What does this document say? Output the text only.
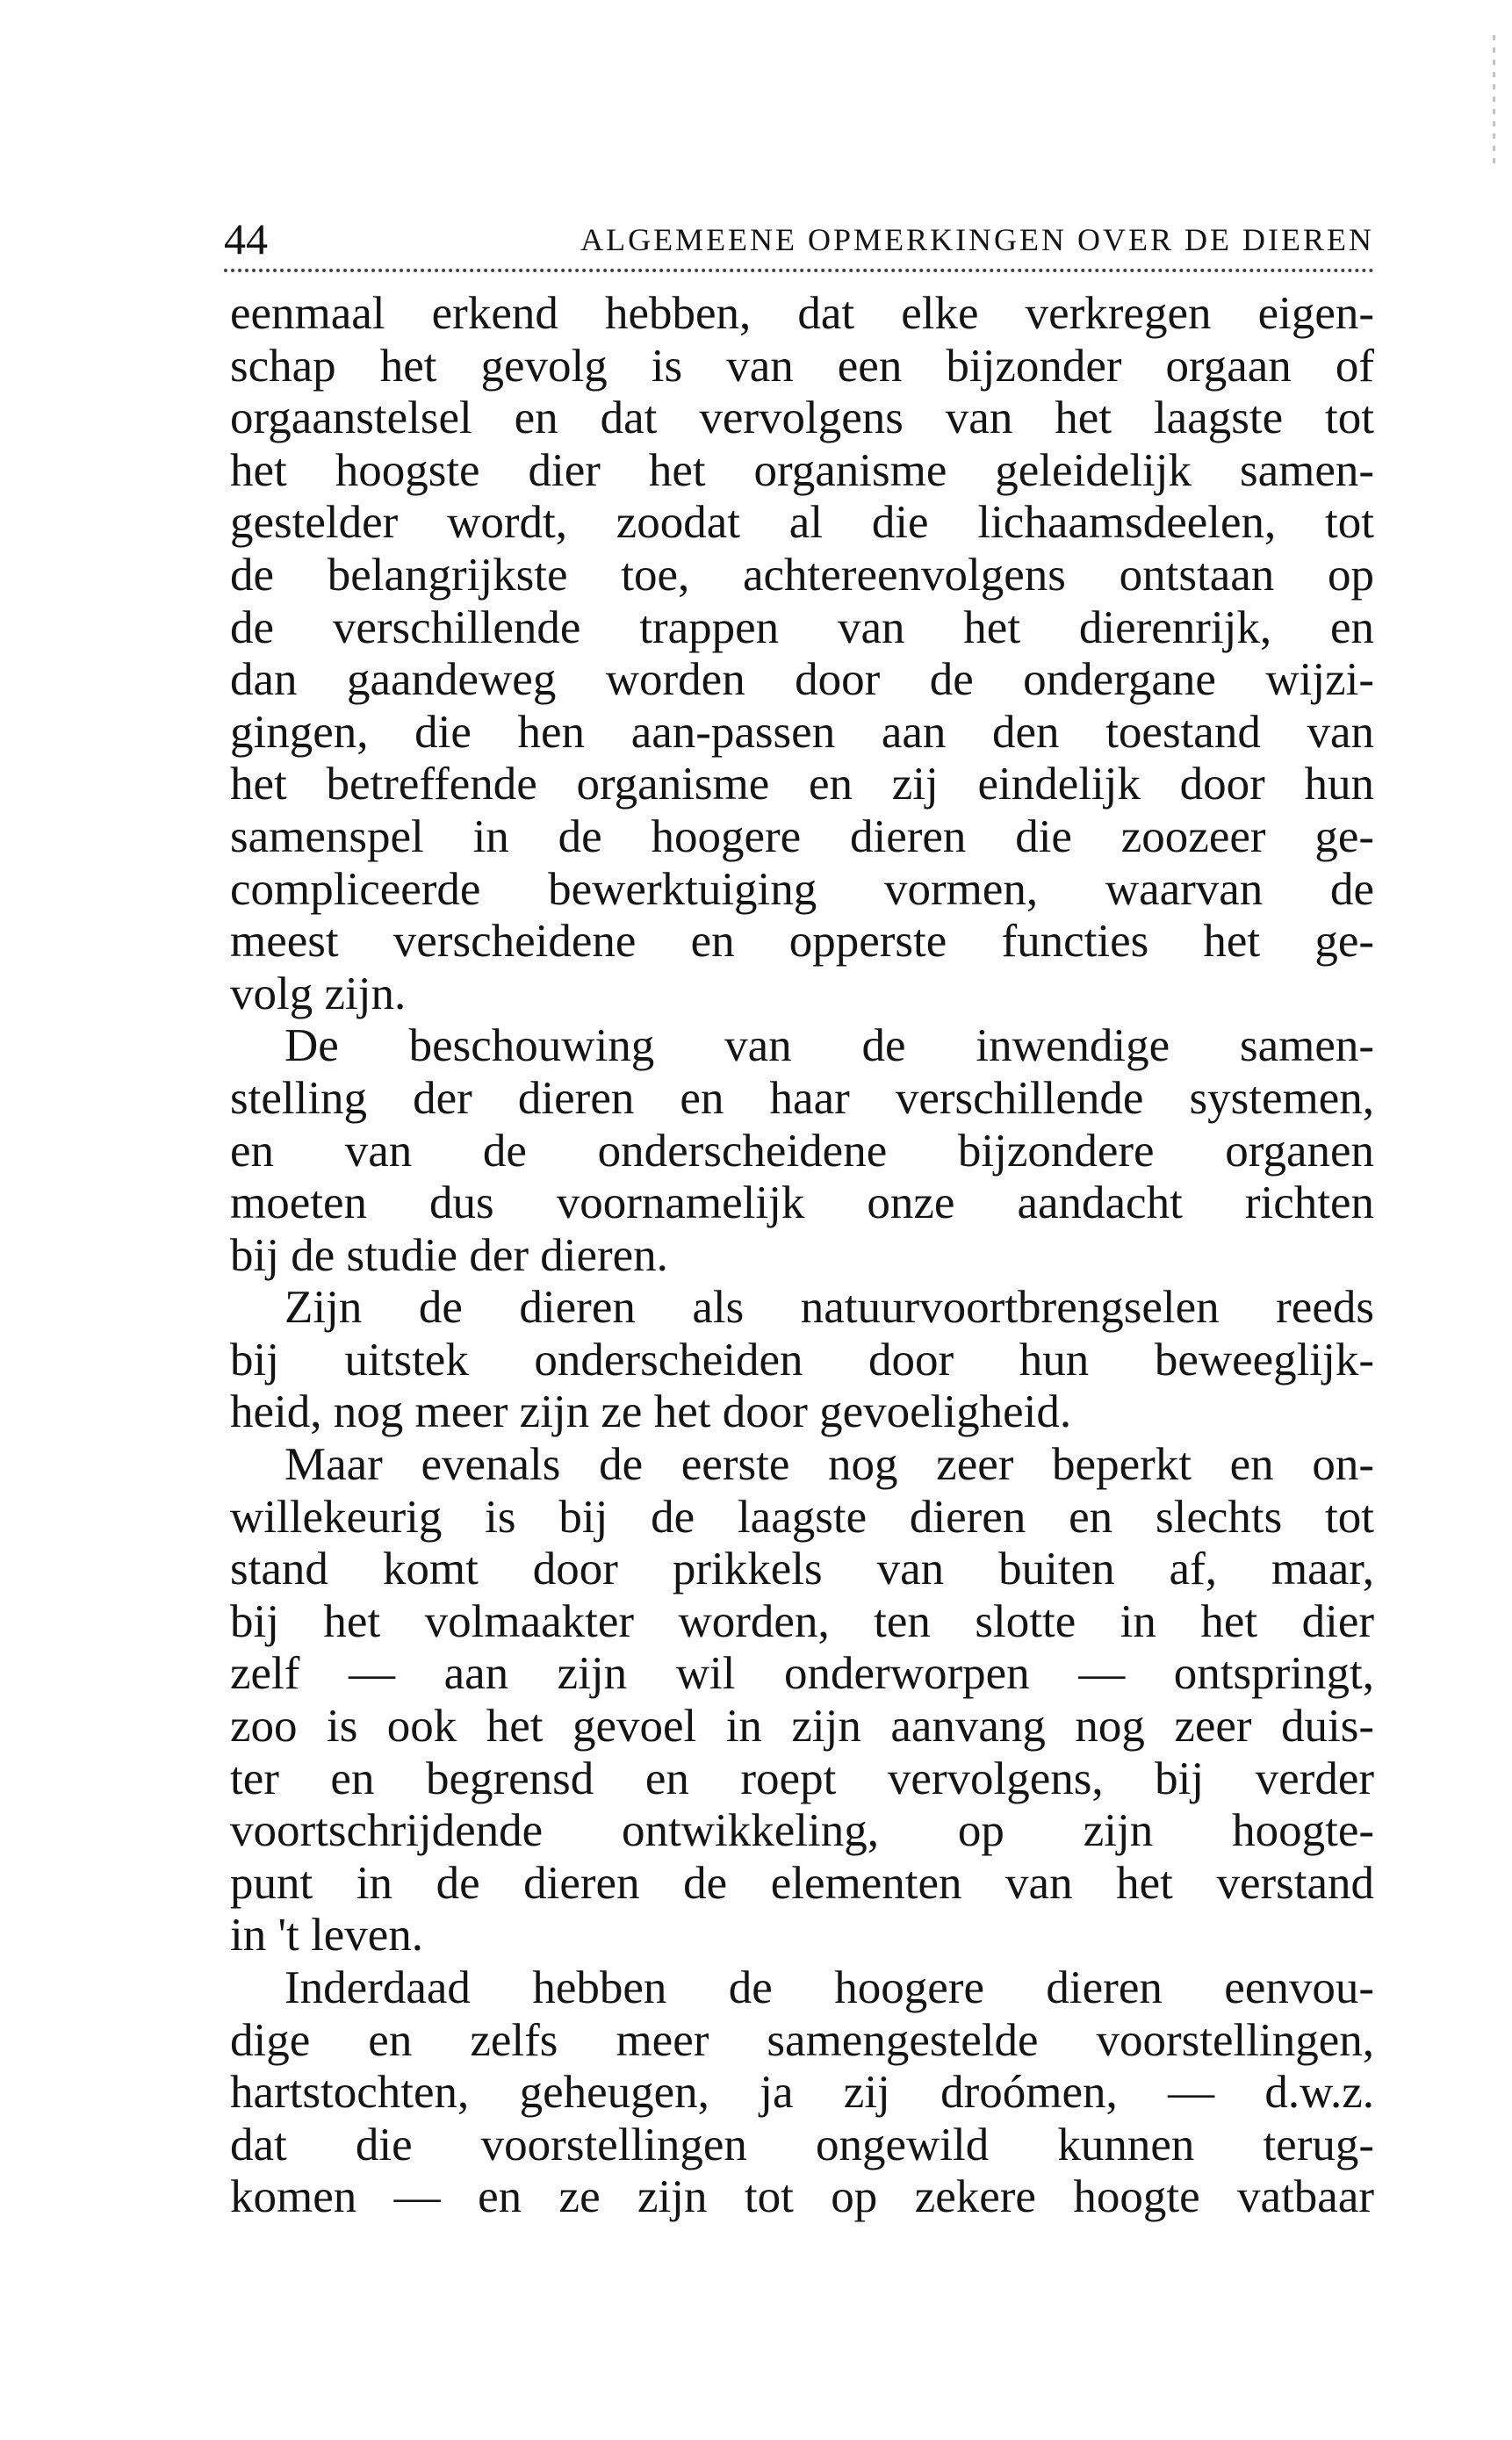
44	ALGEMEENE OPMERKINGEN OVER DE DIEREN
eenmaal erkend hebben, dat elke verkregen eigen-
schap het gevolg is van een bijzonder orgaan of
orgaanstelsel en dat vervolgens van het laagste tot
het hoogste dier het organisme geleidelijk samen-
gestelder wordt, zoodat al die lichaamsdeelen, tot
de belangrijkste toe, achtereenvolgens ontstaan op
de verschillende trappen van het dierenrijk, en
dan gaandeweg worden door de ondergane wijzi-
gingen, die hen aan-passen aan den toestand van
het betreffende organisme en zij eindelijk door hun
samenspel in de hoogere dieren die zoozeer ge-
compliceerde bewerktuiging vormen, waarvan de
meest verscheidene en opperste functies het ge-
volg zijn.
De beschouwing van de inwendige samen-
stelling der dieren en haar verschillende systemen,
en van de onderscheidene bijzondere organen
moeten dus voornamelijk onze aandacht richten
bij de studie der dieren.
Zijn de dieren als natuurvoortbrengselen reeds
bij uitstek onderscheiden door hun beweeglijk-
heid, nog meer zijn ze het door gevoeligheid.
Maar evenals de eerste nog zeer beperkt en on-
willekeurig is bij de laagste dieren en slechts tot
stand komt door prikkels van buiten af, maar,
bij het volmaakter worden, ten slotte in het dier
zelf — aan zijn wil onderworpen — ontspringt,
zoo is ook het gevoel in zijn aanvang nog zeer duis-
ter en begrensd en roept vervolgens, bij verder
voortschrijdende ontwikkeling, op zijn hoogte-
punt in de dieren de elementen van het verstand
in 't leven.
Inderdaad hebben de hoogere dieren eenvou-
dige en zelfs meer samengestelde voorstellingen,
hartstochten, geheugen, ja zij droómen, — d.w.z.
dat die voorstellingen ongewild kunnen terug-
komen — en ze zijn tot op zekere hoogte vatbaar
